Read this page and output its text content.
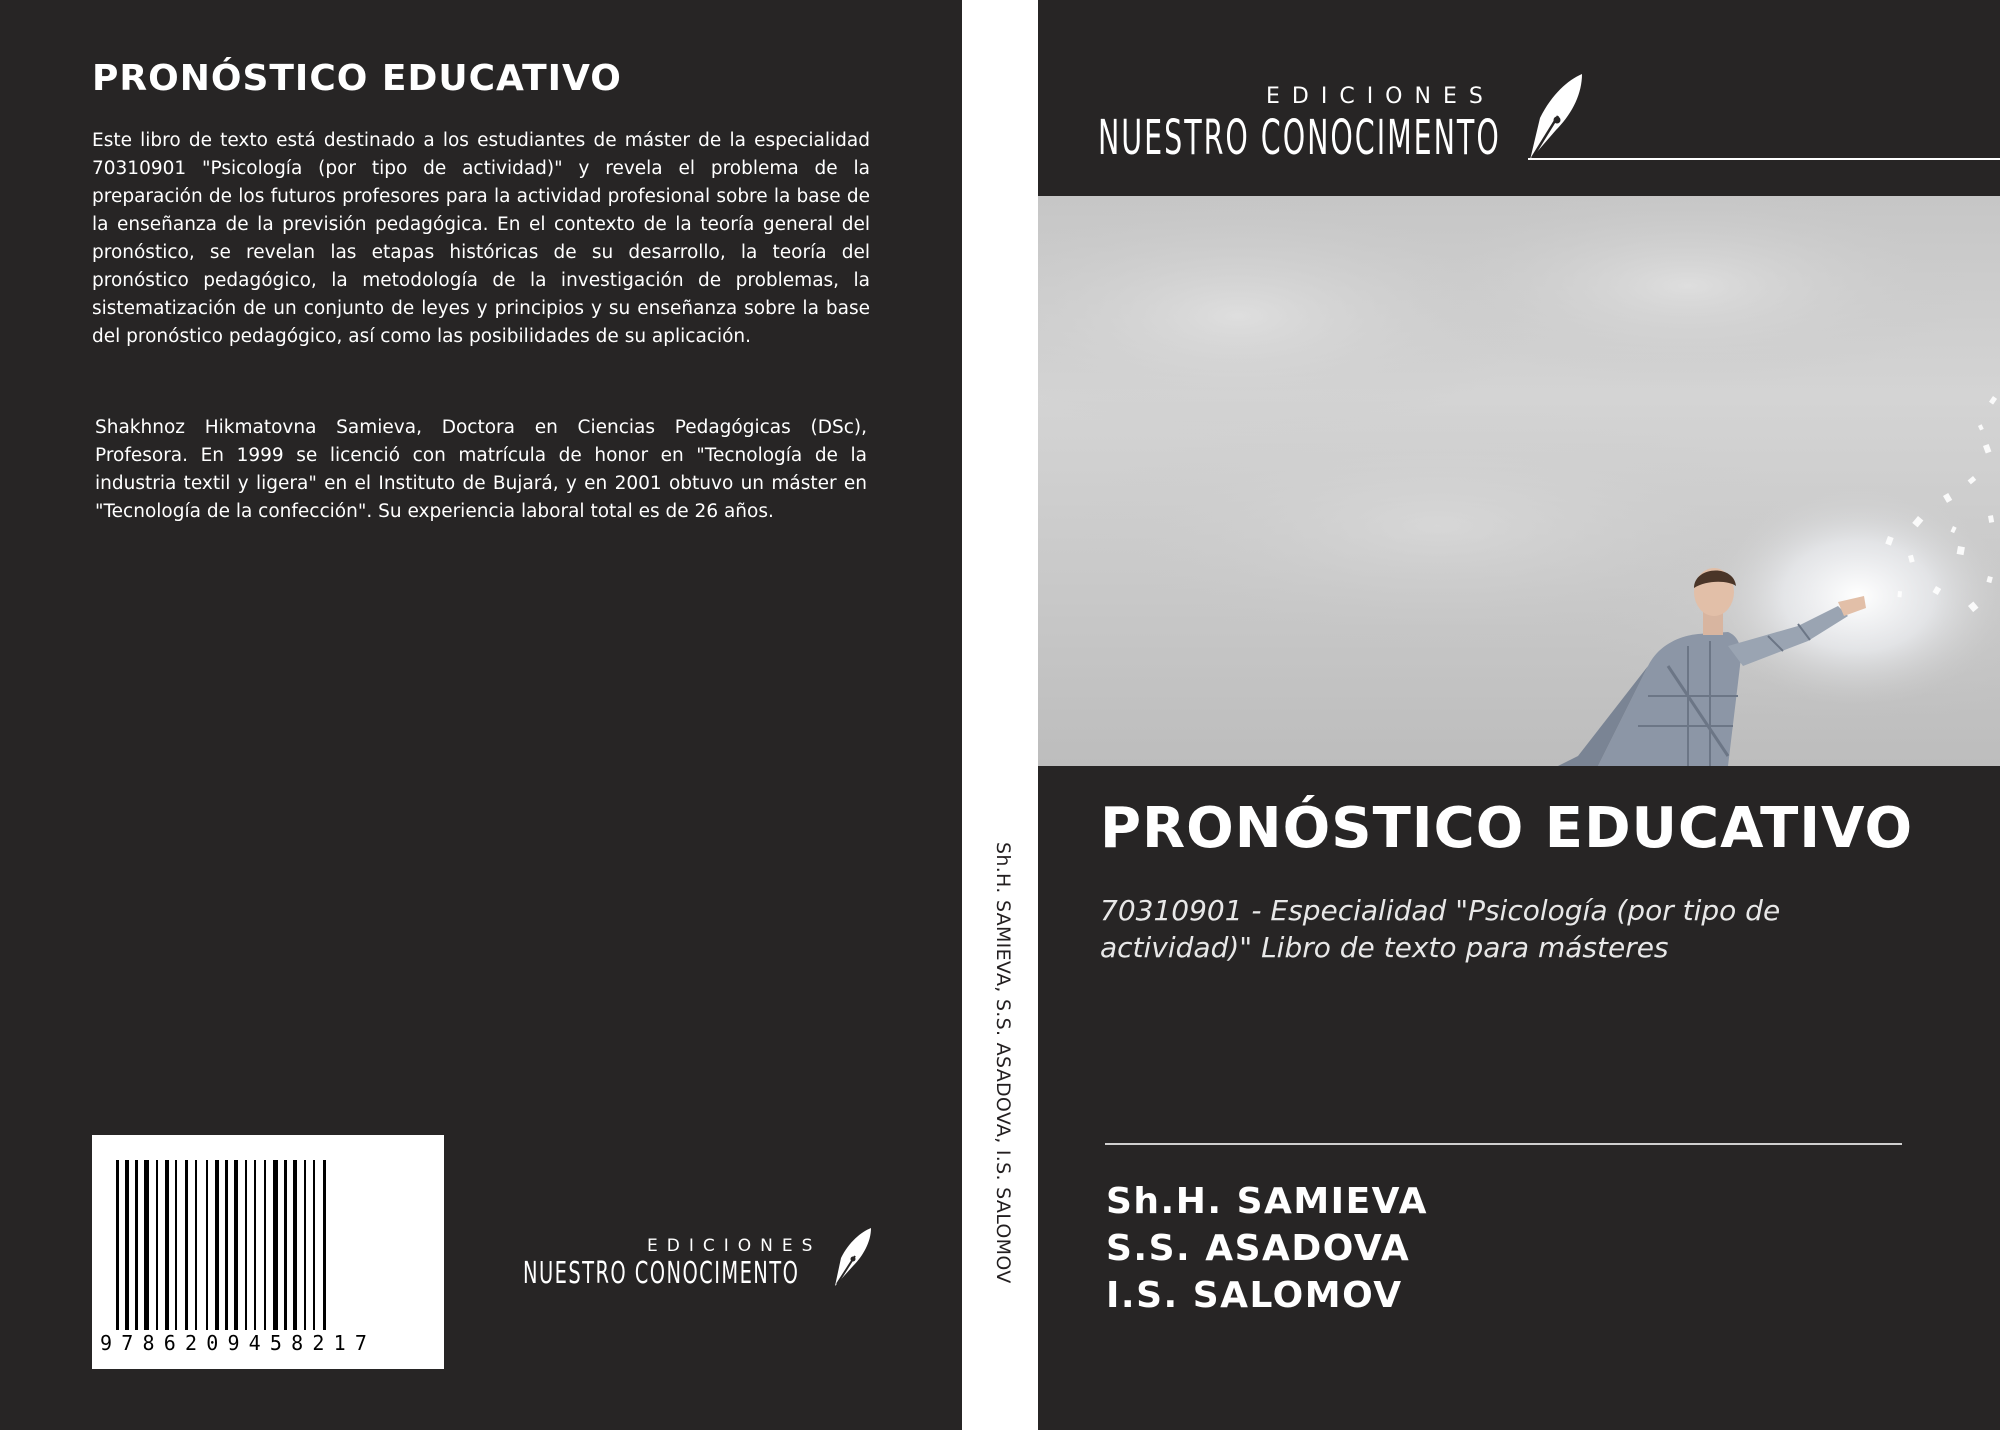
PRONÓSTICO EDUCATIVO
Este libro de texto está destinado a los estudiantes de máster de la especialidad 70310901 "Psicología (por tipo de actividad)" y revela el problema de la preparación de los futuros profesores para la actividad profesional sobre la base de la enseñanza de la previsión pedagógica. En el contexto de la teoría general del pronóstico, se revelan las etapas históricas de su desarrollo, la teoría del pronóstico pedagógico, la metodología de la investigación de problemas, la sistematización de un conjunto de leyes y principios y su enseñanza sobre la base del pronóstico pedagógico, así como las posibilidades de su aplicación.
Shakhnoz Hikmatovna Samieva, Doctora en Ciencias Pedagógicas (DSc), Profesora. En 1999 se licenció con matrícula de honor en "Tecnología de la industria textil y ligera" en el Instituto de Bujará, y en 2001 obtuvo un máster en "Tecnología de la confección". Su experiencia laboral total es de 26 años.
9786209458217
EDICIONES
NUESTRO CONOCIMENTO	Sh.H. SAMIEVA, S.S. ASADOVA, I.S. SALOMOV
EDICIONES
NUESTRO CONOCIMENTO
PRONÓSTICO EDUCATIVO
70310901 - Especialidad "Psicología (por tipo de actividad)" Libro de texto para másteres
Sh.H. SAMIEVA
S.S. ASADOVA
I.S. SALOMOV
